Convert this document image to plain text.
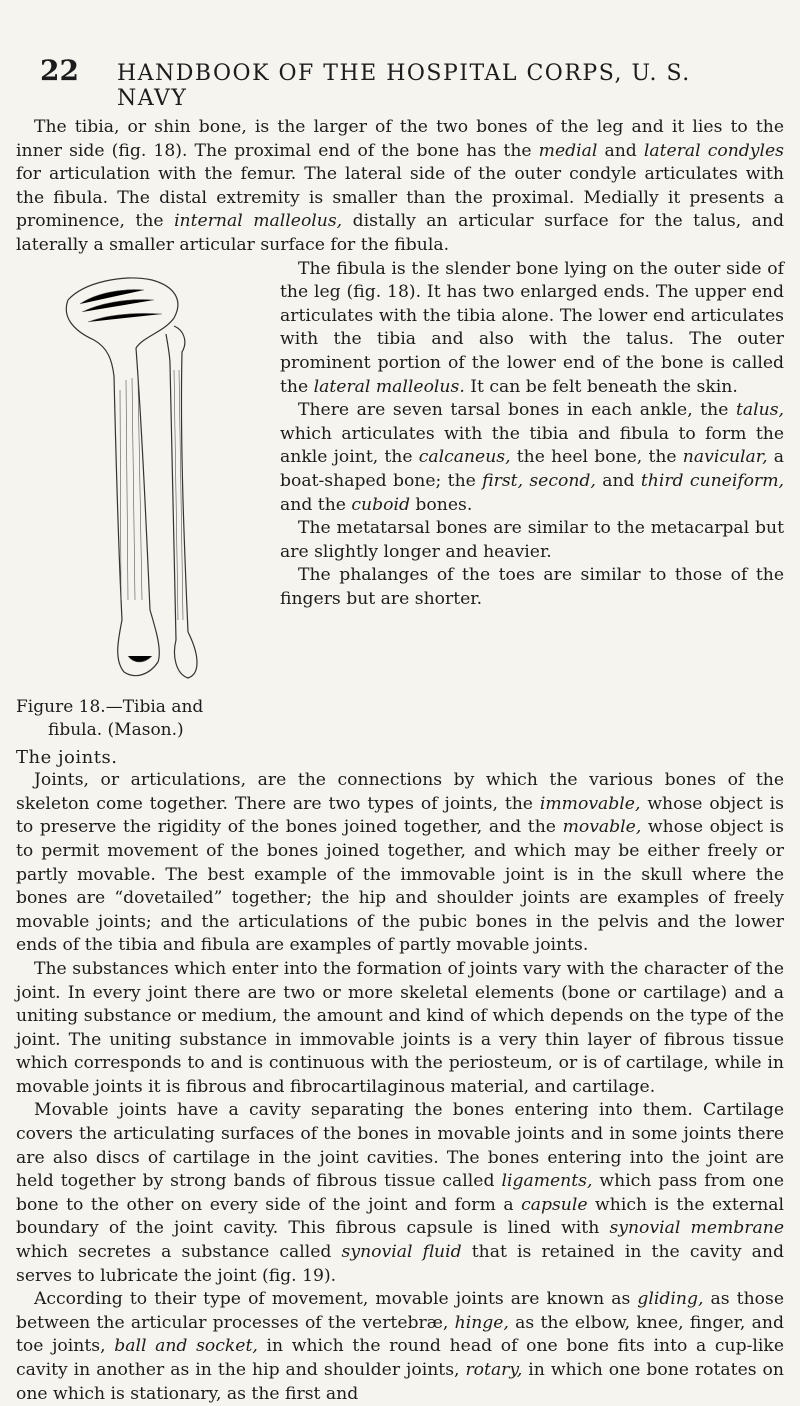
22 HANDBOOK OF THE HOSPITAL CORPS, U. S. NAVY

The tibia, or shin bone, is the larger of the two bones of the leg and it lies to the inner side (fig. 18). The proximal end of the bone has the medial and lateral condyles for articulation with the femur. The lateral side of the outer condyle articulates with the fibula. The distal extremity is smaller than the proximal. Medially it presents a prominence, the internal malleolus, distally an articular surface for the talus, and laterally a smaller articular surface for the fibula.

Figure 18.—Tibia and
fibula. (Mason.)

The fibula is the slender bone lying on the outer side of the leg (fig. 18). It has two enlarged ends. The upper end articulates with the tibia alone. The lower end articulates with the tibia and also with the talus. The outer prominent portion of the lower end of the bone is called the lateral malleolus. It can be felt beneath the skin.

There are seven tarsal bones in each ankle, the talus, which articulates with the tibia and fibula to form the ankle joint, the calcaneus, the heel bone, the navicular, a boat-shaped bone; the first, second, and third cuneiform, and the cuboid bones.

The metatarsal bones are similar to the metacarpal but are slightly longer and heavier.

The phalanges of the toes are similar to those of the fingers but are shorter.

The joints.

Joints, or articulations, are the connections by which the various bones of the skeleton come together. There are two types of joints, the immovable, whose object is to preserve the rigidity of the bones joined together, and the movable, whose object is to permit movement of the bones joined together, and which may be either freely or partly movable. The best example of the immovable joint is in the skull where the bones are “dovetailed” together; the hip and shoulder joints are examples of freely movable joints; and the articulations of the pubic bones in the pelvis and the lower ends of the tibia and fibula are examples of partly movable joints.

The substances which enter into the formation of joints vary with the character of the joint. In every joint there are two or more skeletal elements (bone or cartilage) and a uniting substance or medium, the amount and kind of which depends on the type of the joint. The uniting substance in immovable joints is a very thin layer of fibrous tissue which corresponds to and is continuous with the periosteum, or is of cartilage, while in movable joints it is fibrous and fibrocartilaginous material, and cartilage.

Movable joints have a cavity separating the bones entering into them. Cartilage covers the articulating surfaces of the bones in movable joints and in some joints there are also discs of cartilage in the joint cavities. The bones entering into the joint are held together by strong bands of fibrous tissue called ligaments, which pass from one bone to the other on every side of the joint and form a capsule which is the external boundary of the joint cavity. This fibrous capsule is lined with synovial membrane which secretes a substance called synovial fluid that is retained in the cavity and serves to lubricate the joint (fig. 19).

According to their type of movement, movable joints are known as gliding, as those between the articular processes of the vertebræ, hinge, as the elbow, knee, finger, and toe joints, ball and socket, in which the round head of one bone fits into a cup-like cavity in another as in the hip and shoulder joints, rotary, in which one bone rotates on one which is stationary, as the first and
